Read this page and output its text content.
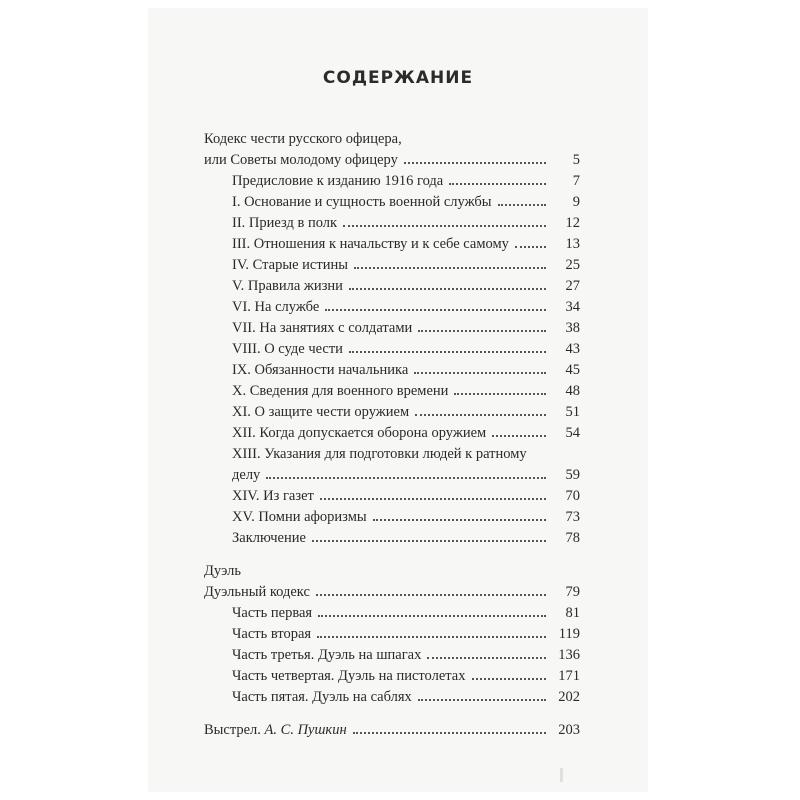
СОДЕРЖАНИЕ
Кодекс чести русского офицера,
или Советы молодому офицеру	5
Предисловие к изданию 1916 года	7
I. Основание и сущность военной службы	9
II. Приезд в полк	12
III. Отношения к начальству и к себе самому	13
IV. Старые истины	25
V. Правила жизни	27
VI. На службе	34
VII. На занятиях с солдатами	38
VIII. О суде чести	43
IX. Обязанности начальника	45
X. Сведения для военного времени	48
XI. О защите чести оружием	51
XII. Когда допускается оборона оружием	54
XIII. Указания для подготовки людей к ратному
делу	59
XIV. Из газет	70
XV. Помни афоризмы	73
Заключение	78
Дуэль
Дуэльный кодекс	79
Часть первая	81
Часть вторая	119
Часть третья. Дуэль на шпагах	136
Часть четвертая. Дуэль на пистолетах	171
Часть пятая. Дуэль на саблях	202
Выстрел. А. С. Пушкин	203
